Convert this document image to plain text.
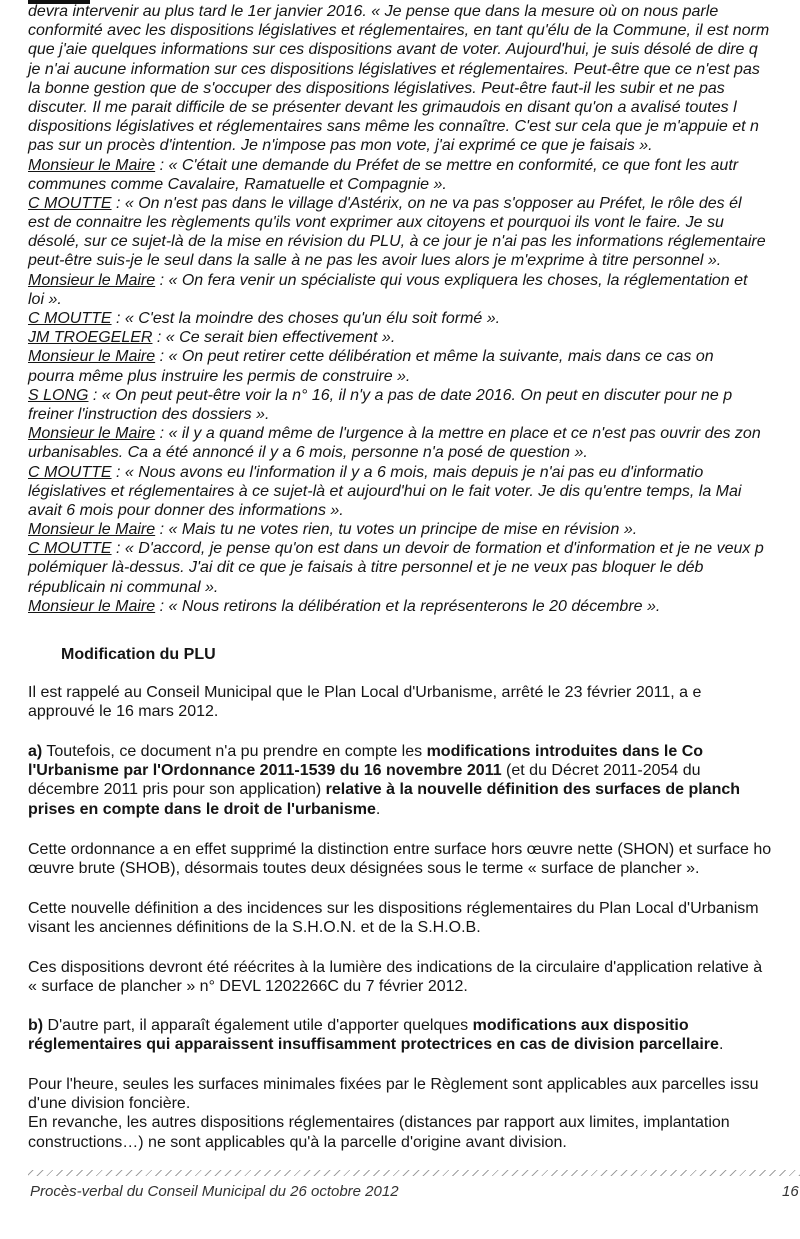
devra intervenir au plus tard le 1er janvier 2016. « Je pense que dans la mesure où on nous parle
conformité avec les dispositions législatives et réglementaires, en tant qu'élu de la Commune, il est norm
que j'aie quelques informations sur ces dispositions avant de voter. Aujourd'hui, je suis désolé de dire q
je n'ai aucune information sur ces dispositions législatives et réglementaires. Peut-être que ce n'est pas
la bonne gestion que de s'occuper des dispositions législatives. Peut-être faut-il les subir et ne pas
discuter. Il me parait difficile de se présenter devant les grimaudois en disant qu'on a avalisé toutes l
dispositions législatives et réglementaires sans même les connaître. C'est sur cela que je m'appuie et n
pas sur un procès d'intention. Je n'impose pas mon vote, j'ai exprimé ce que je faisais ».
Monsieur le Maire : « C'était une demande du Préfet de se mettre en conformité, ce que font les autr
communes comme Cavalaire, Ramatuelle et Compagnie ».
C MOUTTE : « On n'est pas dans le village d'Astérix, on ne va pas s'opposer au Préfet, le rôle des él
est de connaitre les règlements qu'ils vont exprimer aux citoyens et pourquoi ils vont le faire. Je su
désolé, sur ce sujet-là de la mise en révision du PLU, à ce jour je n'ai pas les informations réglementaire
peut-être suis-je le seul dans la salle à ne pas les avoir lues alors je m'exprime à titre personnel ».
Monsieur le Maire : « On fera venir un spécialiste qui vous expliquera les choses, la réglementation et
loi ».
C MOUTTE : « C'est la moindre des choses qu'un élu soit formé ».
JM TROEGELER : « Ce serait bien effectivement ».
Monsieur le Maire : « On peut retirer cette délibération et même la suivante, mais dans ce cas on
pourra même plus instruire les permis de construire ».
S LONG : « On peut peut-être voir la n° 16, il n'y a pas de date 2016. On peut en discuter pour ne p
freiner l'instruction des dossiers ».
Monsieur le Maire : « il y a quand même de l'urgence à la mettre en place et ce n'est pas ouvrir des zon
urbanisables. Ca a été annoncé il y a 6 mois, personne n'a posé de question ».
C MOUTTE : « Nous avons eu l'information il y a 6 mois, mais depuis je n'ai pas eu d'informatio
législatives et réglementaires à ce sujet-là et aujourd'hui on le fait voter. Je dis qu'entre temps, la Mai
avait 6 mois pour donner des informations ».
Monsieur le Maire : « Mais tu ne votes rien, tu votes un principe de mise en révision ».
C MOUTTE : « D'accord, je pense qu'on est dans un devoir de formation et d'information et je ne veux p
polémiquer là-dessus. J'ai dit ce que je faisais à titre personnel et je ne veux pas bloquer le déb
républicain ni communal ».
Monsieur le Maire : « Nous retirons la délibération et la représenterons le 20 décembre ».
Modification du PLU
Il est rappelé au Conseil Municipal que le Plan Local d'Urbanisme, arrêté le 23 février 2011, a e
approuvé le 16 mars 2012.
a) Toutefois, ce document n'a pu prendre en compte les modifications introduites dans le Co
l'Urbanisme par l'Ordonnance 2011-1539 du 16 novembre 2011 (et du Décret 2011-2054 du
décembre 2011 pris pour son application) relative à la nouvelle définition des surfaces de planch
prises en compte dans le droit de l'urbanisme.
Cette ordonnance a en effet supprimé la distinction entre surface hors œuvre nette (SHON) et surface ho
œuvre brute (SHOB), désormais toutes deux désignées sous le terme « surface de plancher ».
Cette nouvelle définition a des incidences sur les dispositions réglementaires du Plan Local d'Urbanism
visant les anciennes définitions de la S.H.O.N. et de la S.H.O.B.
Ces dispositions devront été réécrites à la lumière des indications de la circulaire d'application relative à
« surface de plancher » n° DEVL 1202266C du 7 février 2012.
b) D'autre part, il apparaît également utile d'apporter quelques modifications aux dispositio
réglementaires qui apparaissent insuffisamment protectrices en cas de division parcellaire.
Pour l'heure, seules les surfaces minimales fixées par le Règlement sont applicables aux parcelles issu
d'une division foncière.
En revanche, les autres dispositions réglementaires (distances par rapport aux limites, implantation
constructions…) ne sont applicables qu'à la parcelle d'origine avant division.
Procès-verbal du Conseil Municipal du 26 octobre 2012	16
